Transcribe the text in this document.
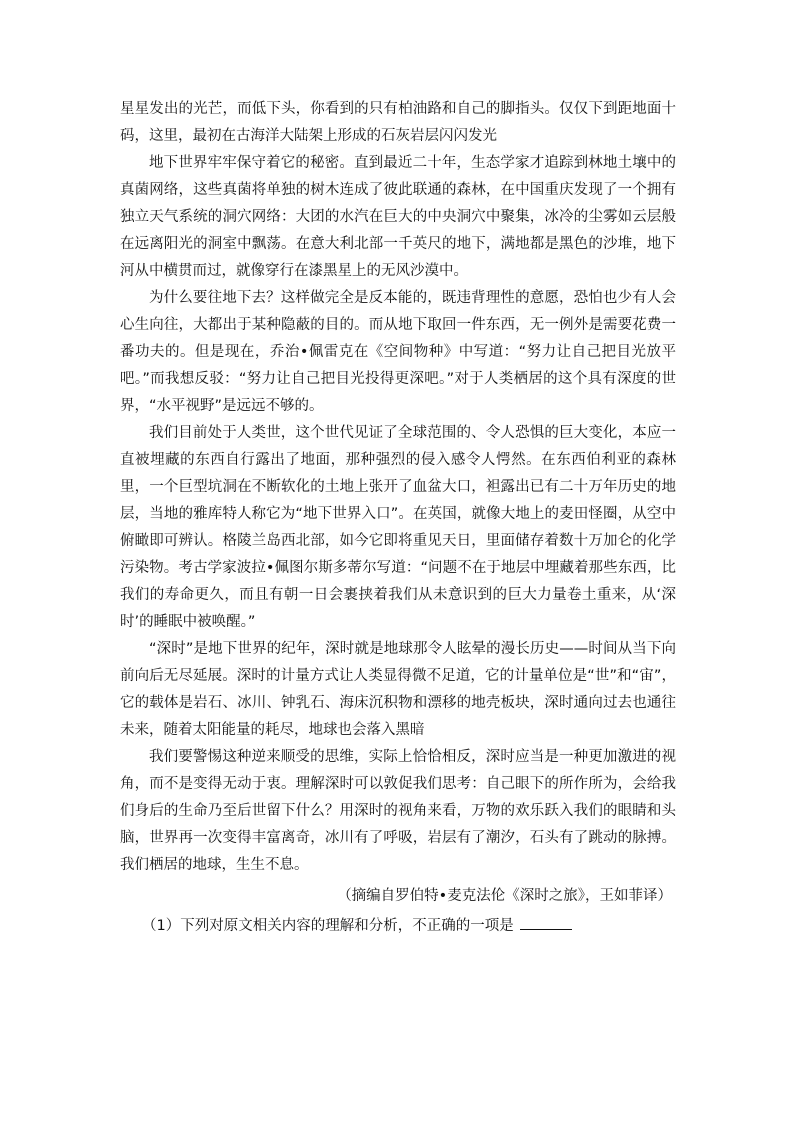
星星发出的光芒，而低下头，你看到的只有柏油路和自己的脚指头。仅仅下到距地面十码，这里，最初在古海洋大陆架上形成的石灰岩层闪闪发光

地下世界牢牢保守着它的秘密。直到最近二十年，生态学家才追踪到林地土壤中的真菌网络，这些真菌将单独的树木连成了彼此联通的森林，在中国重庆发现了一个拥有独立天气系统的洞穴网络：大团的水汽在巨大的中央洞穴中聚集，冰冷的尘雾如云层般在远离阳光的洞室中飘荡。在意大利北部一千英尺的地下，满地都是黑色的沙堆，地下河从中横贯而过，就像穿行在漆黑星上的无风沙漠中。

为什么要往地下去？这样做完全是反本能的，既违背理性的意愿，恐怕也少有人会心生向往，大都出于某种隐蔽的目的。而从地下取回一件东西，无一例外是需要花费一番功夫的。但是现在，乔治•佩雷克在《空间物种》中写道：“努力让自己把目光放平吧。”而我想反驳：“努力让自己把目光投得更深吧。”对于人类栖居的这个具有深度的世界，“水平视野”是远远不够的。

我们目前处于人类世，这个世代见证了全球范围的、令人恐惧的巨大变化，本应一直被埋藏的东西自行露出了地面，那种强烈的侵入感令人愕然。在东西伯利亚的森林里，一个巨型坑洞在不断软化的土地上张开了血盆大口，袒露出已有二十万年历史的地层，当地的雅库特人称它为“地下世界入口”。在英国，就像大地上的麦田怪圈，从空中俯瞰即可辨认。格陵兰岛西北部，如今它即将重见天日，里面储存着数十万加仑的化学污染物。考古学家波拉•佩图尔斯多蒂尔写道：“问题不在于地层中埋藏着那些东西，比我们的寿命更久，而且有朝一日会裹挟着我们从未意识到的巨大力量卷土重来，从‘深时’的睡眠中被唤醒。”

“深时”是地下世界的纪年，深时就是地球那令人眩晕的漫长历史——时间从当下向前向后无尽延展。深时的计量方式让人类显得微不足道，它的计量单位是“世”和“宙”，它的载体是岩石、冰川、钟乳石、海床沉积物和漂移的地壳板块，深时通向过去也通往未来，随着太阳能量的耗尽，地球也会落入黑暗

我们要警惕这种逆来顺受的思维，实际上恰恰相反，深时应当是一种更加激进的视角，而不是变得无动于衷。理解深时可以敦促我们思考：自己眼下的所作所为，会给我们身后的生命乃至后世留下什么？用深时的视角来看，万物的欢乐跃入我们的眼睛和头脑，世界再一次变得丰富离奇，冰川有了呼吸，岩层有了潮汐，石头有了跳动的脉搏。我们栖居的地球，生生不息。

（摘编自罗伯特•麦克法伦《深时之旅》，王如菲译）

（1）下列对原文相关内容的理解和分析，不正确的一项是
